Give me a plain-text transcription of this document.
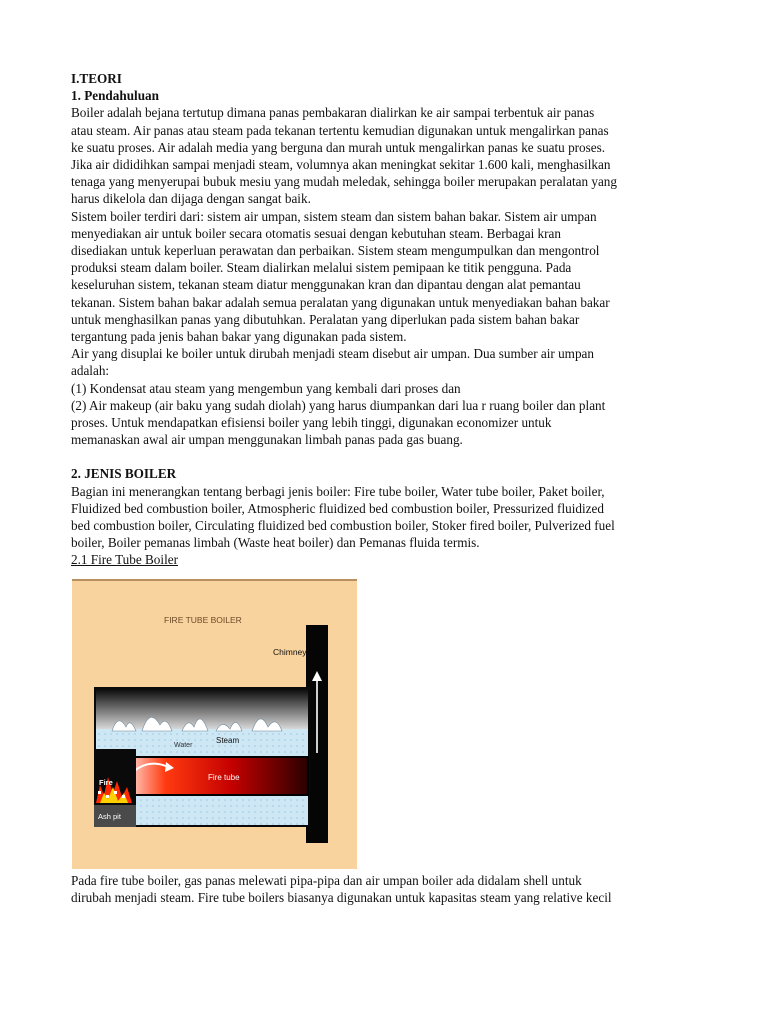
I.TEORI

1. Pendahuluan

Boiler adalah bejana tertutup dimana panas pembakaran dialirkan ke air sampai terbentuk air panas
atau steam. Air panas atau steam pada tekanan tertentu kemudian digunakan untuk mengalirkan panas
ke suatu proses. Air adalah media yang berguna dan murah untuk mengalirkan panas ke suatu proses.
Jika air dididihkan sampai menjadi steam, volumnya akan meningkat sekitar 1.600 kali, menghasilkan
tenaga yang menyerupai bubuk mesiu yang mudah meledak, sehingga boiler merupakan peralatan yang
harus dikelola dan dijaga dengan sangat baik.

Sistem boiler terdiri dari: sistem air umpan, sistem steam dan sistem bahan bakar. Sistem air umpan
menyediakan air untuk boiler secara otomatis sesuai dengan kebutuhan steam. Berbagai kran
disediakan untuk keperluan perawatan dan perbaikan. Sistem steam mengumpulkan dan mengontrol
produksi steam dalam boiler. Steam dialirkan melalui sistem pemipaan ke titik pengguna. Pada
keseluruhan sistem, tekanan steam diatur menggunakan kran dan dipantau dengan alat pemantau
tekanan. Sistem bahan bakar adalah semua peralatan yang digunakan untuk menyediakan bahan bakar
untuk menghasilkan panas yang dibutuhkan. Peralatan yang diperlukan pada sistem bahan bakar
tergantung pada jenis bahan bakar yang digunakan pada sistem.

Air yang disuplai ke boiler untuk dirubah menjadi steam disebut air umpan. Dua sumber air umpan
adalah:
(1) Kondensat atau steam yang mengembun yang kembali dari proses dan
(2) Air makeup (air baku yang sudah diolah) yang harus diumpankan dari lua r ruang boiler dan plant
proses. Untuk mendapatkan efisiensi boiler yang lebih tinggi, digunakan economizer untuk
memanaskan awal air umpan menggunakan limbah panas pada gas buang.

2. JENIS BOILER

Bagian ini menerangkan tentang berbagi jenis boiler: Fire tube boiler, Water tube boiler, Paket boiler,
Fluidized bed combustion boiler, Atmospheric fluidized bed combustion boiler, Pressurized fluidized
bed combustion boiler, Circulating fluidized bed combustion boiler, Stoker fired boiler, Pulverized fuel
boiler, Boiler pemanas limbah (Waste heat boiler) dan Pemanas fluida termis.

2.1 Fire Tube Boiler

FIRE TUBE BOILER
Chimney
Steam
Water
Fire tube
Fire
Ash pit

Pada fire tube boiler, gas panas melewati pipa-pipa dan air umpan boiler ada didalam shell untuk
dirubah menjadi steam. Fire tube boilers biasanya digunakan untuk kapasitas steam yang relative kecil
